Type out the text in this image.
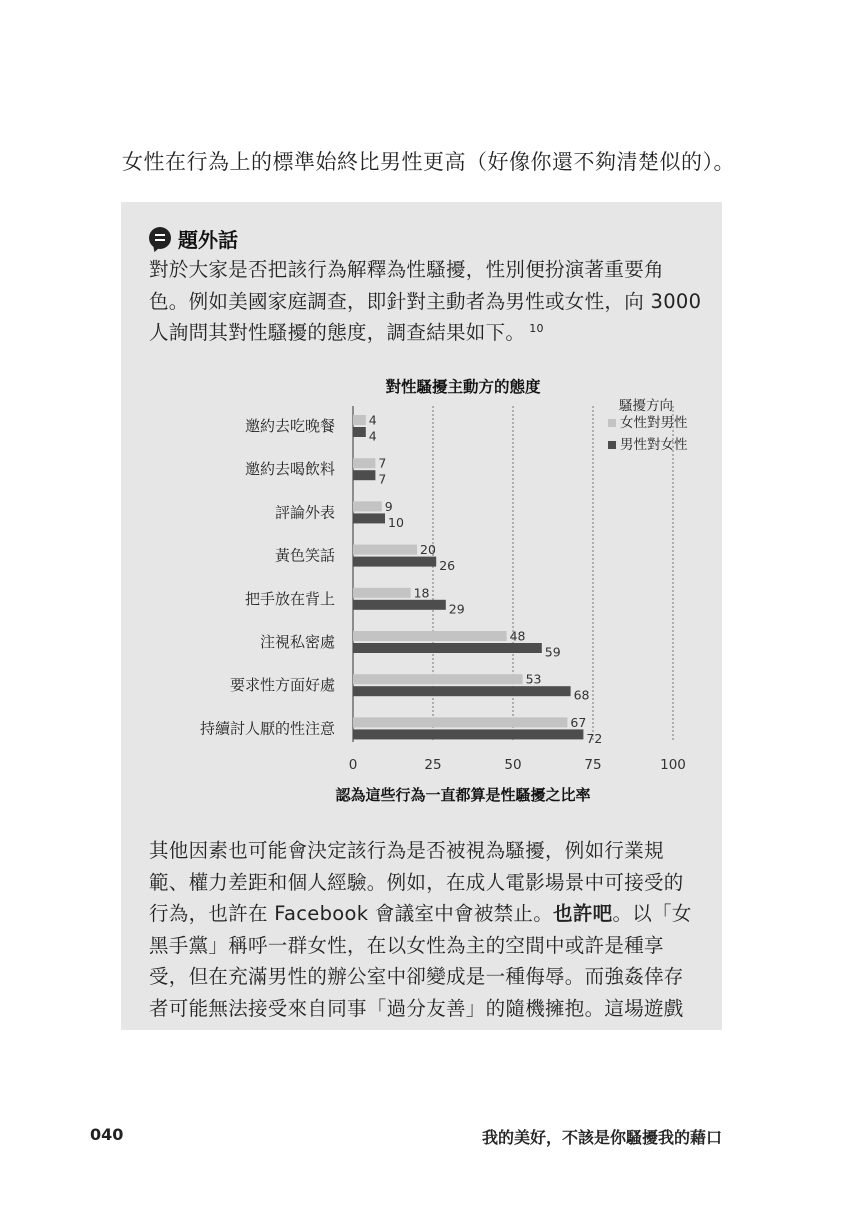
女性在行為上的標準始終比男性更高（好像你還不夠清楚似的）。
題外話

對於大家是否把該行為解釋為性騷擾，性別便扮演著重要角

色。例如美國家庭調查，即針對主動者為男性或女性，向 3000

人詢問其對性騷擾的態度，調查結果如下。 $^{10}$

對性騷擾主動方的態度
0	25	50	75	100
邀約去吃晚餐	4
4
邀約去喝飲料	7
7
評論外表	9
10
黃色笑話	20
26
把手放在背上	18
29
注視私密處	48
59
要求性方面好處	53
68
持續討人厭的性注意	67
72
認為這些行為一直都算是性騷擾之比率
騷擾方向
女性對男性
男性對女性

其他因素也可能會決定該行為是否被視為騷擾，例如行業規

範、權力差距和個人經驗。例如，在成人電影場景中可接受的

行為，也許在 Facebook 會議室中會被禁止。也許吧。以「女

黑手黨」稱呼一群女性，在以女性為主的空間中或許是種享

受，但在充滿男性的辦公室中卻變成是一種侮辱。而強姦倖存

者可能無法接受來自同事「過分友善」的隨機擁抱。這場遊戲

040	我的美好，不該是你騷擾我的藉口
